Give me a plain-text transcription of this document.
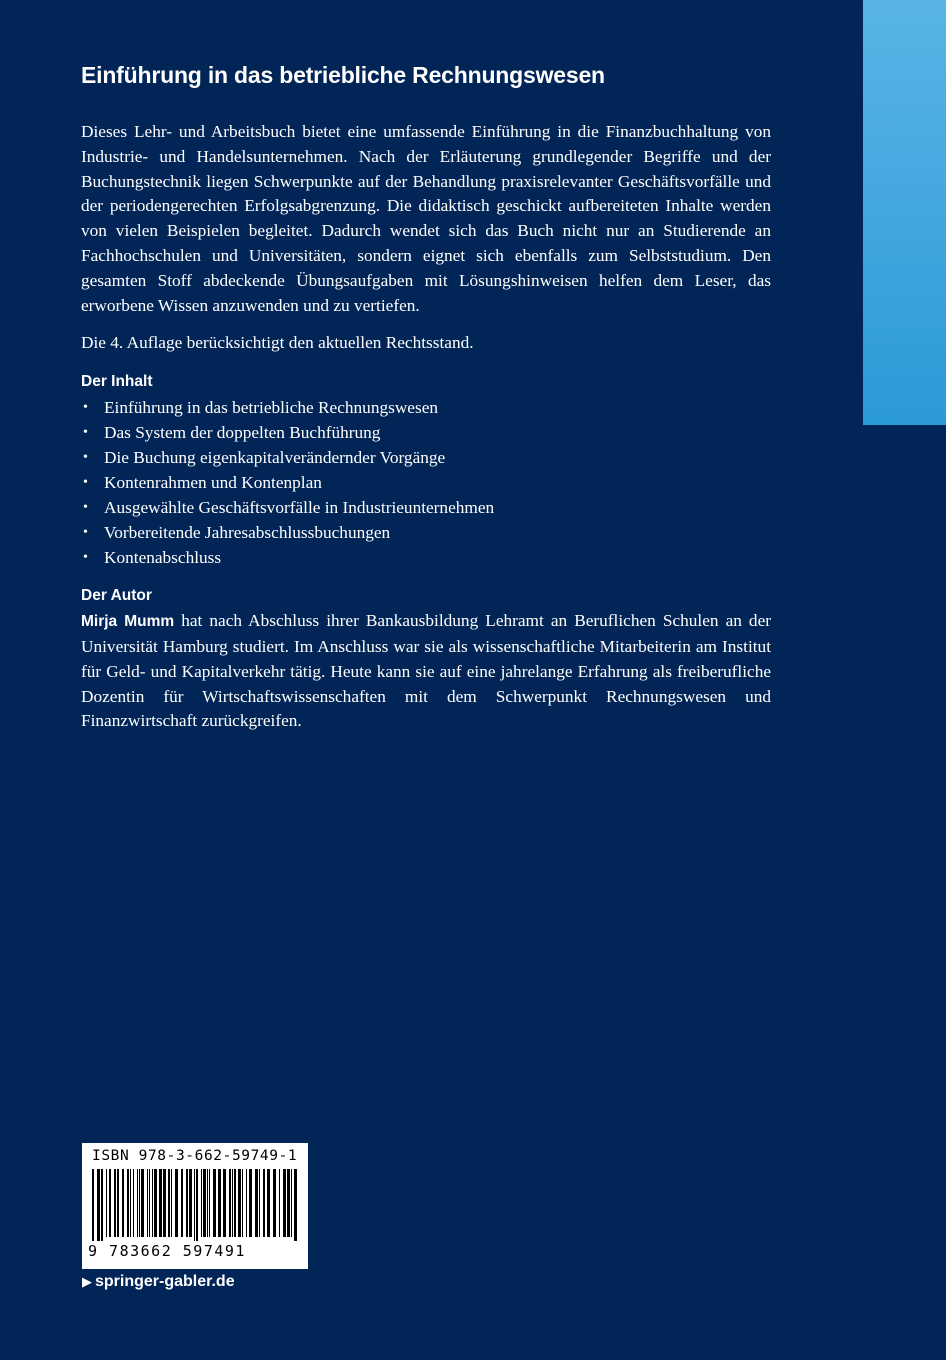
Einführung in das betriebliche Rechnungswesen

Dieses Lehr- und Arbeitsbuch bietet eine umfassende Einführung in die Finanzbuchhaltung von Industrie- und Handelsunternehmen. Nach der Erläuterung grundlegender Begriffe und der Buchungstechnik liegen Schwerpunkte auf der Behandlung praxisrelevanter Geschäftsvorfälle und der periodengerechten Erfolgsabgrenzung. Die didaktisch geschickt aufbereiteten Inhalte werden von vielen Beispielen begleitet. Dadurch wendet sich das Buch nicht nur an Studierende an Fachhochschulen und Universitäten, sondern eignet sich ebenfalls zum Selbststudium. Den gesamten Stoff abdeckende Übungsaufgaben mit Lösungshinweisen helfen dem Leser, das erworbene Wissen anzuwenden und zu vertiefen.

Die 4. Auflage berücksichtigt den aktuellen Rechtsstand.

Der Inhalt
• Einführung in das betriebliche Rechnungswesen
• Das System der doppelten Buchführung
• Die Buchung eigenkapitalverändernder Vorgänge
• Kontenrahmen und Kontenplan
• Ausgewählte Geschäftsvorfälle in Industrieunternehmen
• Vorbereitende Jahresabschlussbuchungen
• Kontenabschluss
Der Autor

Mirja Mumm hat nach Abschluss ihrer Bankausbildung Lehramt an Beruflichen Schulen an der Universität Hamburg studiert. Im Anschluss war sie als wissenschaftliche Mitarbeiterin am Institut für Geld- und Kapitalverkehr tätig. Heute kann sie auf eine jahrelange Erfahrung als freiberufliche Dozentin für Wirtschaftswissenschaften mit dem Schwerpunkt Rechnungswesen und Finanzwirtschaft zurückgreifen.

ISBN 978-3-662-59749-1
9 783662 597491
▶ springer-gabler.de
